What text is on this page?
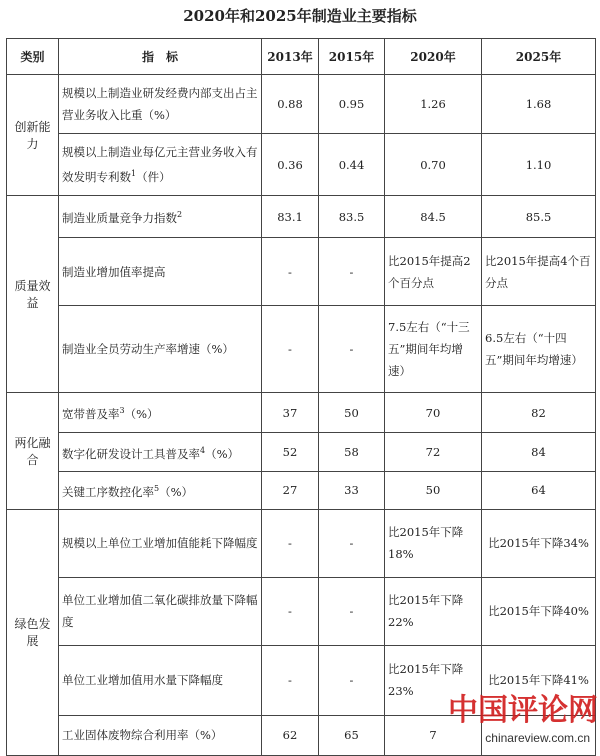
2020年和2025年制造业主要指标
类别	指　标	2013年	2015年	2020年	2025年
创新能力	规模以上制造业研发经费内部支出占主营业务收入比重（%）	0.88	0.95	1.26	1.68
	规模以上制造业每亿元主营业务收入有效发明专利数$^1$（件）	0.36	0.44	0.70	1.10
质量效益	制造业质量竞争力指数$^2$	83.1	83.5	84.5	85.5
	制造业增加值率提高	-	-	比2015年提高2个百分点	比2015年提高4个百分点
	制造业全员劳动生产率增速（%）	-	-	7.5左右（“十三五”期间年均增速）	6.5左右（“十四五”期间年均增速）
两化融合	宽带普及率$^3$（%）	37	50	70	82
	数字化研发设计工具普及率$^4$（%）	52	58	72	84
	关键工序数控化率$^5$（%）	27	33	50	64
绿色发展	规模以上单位工业增加值能耗下降幅度	-	-	比2015年下降18%	比2015年下降34%
	单位工业增加值二氧化碳排放量下降幅度	-	-	比2015年下降22%	比2015年下降40%
	单位工业增加值用水量下降幅度	-	-	比2015年下降23%	比2015年下降41%
	工业固体废物综合利用率（%）	62	65	7	
中国评论网
chinareview.com.cn
